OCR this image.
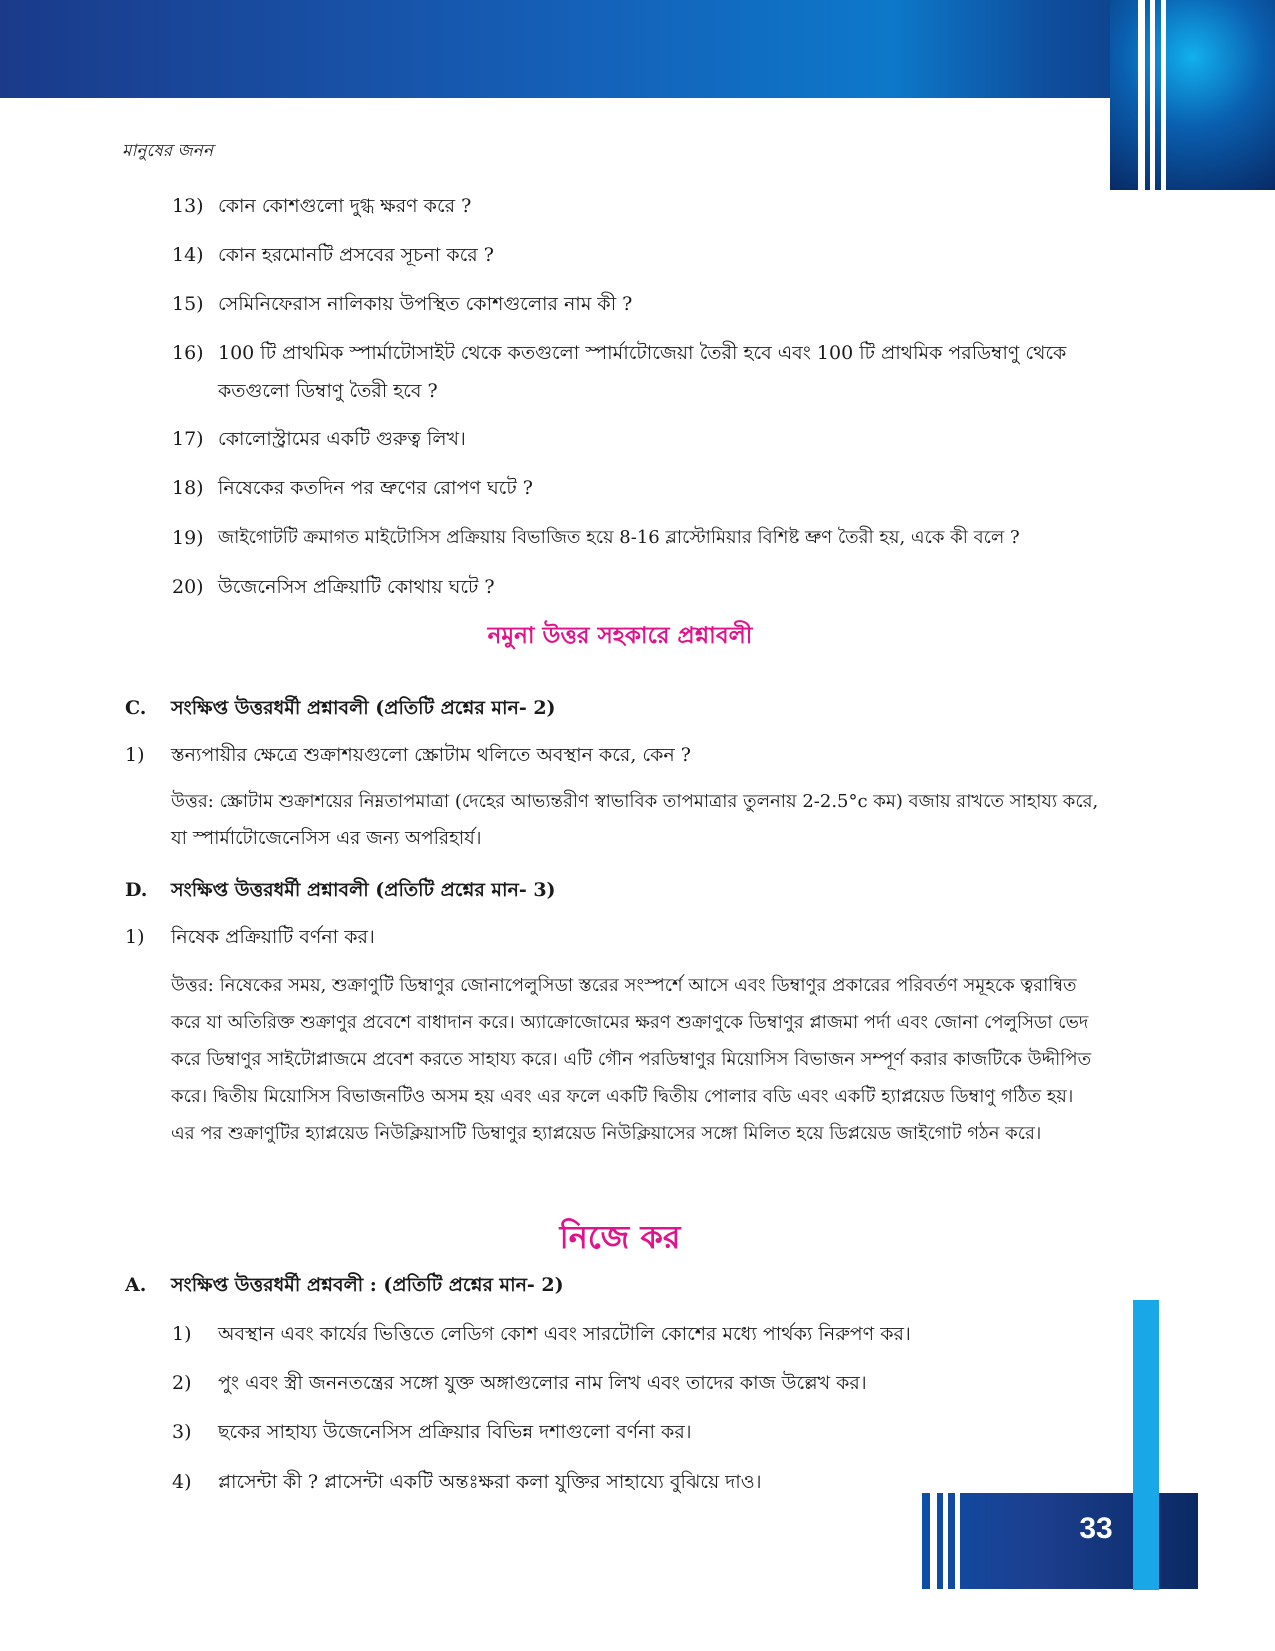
মানুষের জনন
13) কোন কোশগুলো দুগ্ধ ক্ষরণ করে ?
14) কোন হরমোনটি প্রসবের সূচনা করে ?
15) সেমিনিফেরাস নালিকায় উপস্থিত কোশগুলোর নাম কী ?
16) 100 টি প্রাথমিক স্পার্মাটোসাইট থেকে কতগুলো স্পার্মাটোজেয়া তৈরী হবে এবং 100 টি প্রাথমিক পরডিম্বাণু থেকে
কতগুলো ডিম্বাণু তৈরী হবে ?
17) কোলোস্ট্রামের একটি গুরুত্ব লিখ।
18) নিষেকের কতদিন পর ভ্রুণের রোপণ ঘটে ?
19) জাইগোটটি ক্রমাগত মাইটোসিস প্রক্রিয়ায় বিভাজিত হয়ে 8-16 ব্লাস্টোমিয়ার বিশিষ্ট ভ্রুণ তৈরী হয়, একে কী বলে ?
20) উজেনেসিস প্রক্রিয়াটি কোথায় ঘটে ?
নমুনা উত্তর সহকারে প্রশ্নাবলী
C. সংক্ষিপ্ত উত্তরধর্মী প্রশ্নাবলী (প্রতিটি প্রশ্নের মান- 2)
1)	স্তন্যপায়ীর ক্ষেত্রে শুক্রাশয়গুলো স্ক্রোটাম থলিতে অবস্থান করে, কেন ?
উত্তর: স্ক্রোটাম শুক্রাশয়ের নিম্নতাপমাত্রা (দেহের আভ্যন্তরীণ স্বাভাবিক তাপমাত্রার তুলনায় 2-2.5°c কম) বজায় রাখতে সাহায্য করে,
যা স্পার্মাটোজেনেসিস এর জন্য অপরিহার্য।
D. সংক্ষিপ্ত উত্তরধর্মী প্রশ্নাবলী (প্রতিটি প্রশ্নের মান- 3)
1)	নিষেক প্রক্রিয়াটি বর্ণনা কর।
উত্তর: নিষেকের সময়, শুক্রাণুটি ডিম্বাণুর জোনাপেলুসিডা স্তরের সংস্পর্শে আসে এবং ডিম্বাণুর প্রকারের পরিবর্তণ সমূহকে ত্বরান্বিত
করে যা অতিরিক্ত শুক্রাণুর প্রবেশে বাধাদান করে। অ্যাক্রোজোমের ক্ষরণ শুক্রাণুকে ডিম্বাণুর প্লাজমা পর্দা এবং জোনা পেলুসিডা ভেদ
করে ডিম্বাণুর সাইটোপ্লাজমে প্রবেশ করতে সাহায্য করে। এটি গৌন পরডিম্বাণুর মিয়োসিস বিভাজন সম্পূর্ণ করার কাজটিকে উদ্দীপিত
করে। দ্বিতীয় মিয়োসিস বিভাজনটিও অসম হয় এবং এর ফলে একটি দ্বিতীয় পোলার বডি এবং একটি হ্যাপ্লয়েড ডিম্বাণু গঠিত হয়।
এর পর শুক্রাণুটির হ্যাপ্লয়েড নিউক্লিয়াসটি ডিম্বাণুর হ্যাপ্লয়েড নিউক্লিয়াসের সঙ্গো মিলিত হয়ে ডিপ্লয়েড জাইগোট গঠন করে।
নিজে কর
A. সংক্ষিপ্ত উত্তরধর্মী প্রশ্নবলী : (প্রতিটি প্রশ্নের মান- 2)
1)	অবস্থান এবং কার্যের ভিত্তিতে লেডিগ কোশ এবং সারটোলি কোশের মধ্যে পার্থক্য নিরুপণ কর।
2)	পুং এবং স্ত্রী জননতন্ত্রের সঙ্গো যুক্ত অঙ্গাগুলোর নাম লিখ এবং তাদের কাজ উল্লেখ কর।
3)	ছকের সাহায্য উজেনেসিস প্রক্রিয়ার বিভিন্ন দশাগুলো বর্ণনা কর।
4)	প্লাসেন্টা কী ? প্লাসেন্টা একটি অন্তঃক্ষরা কলা যুক্তির সাহায্যে বুঝিয়ে দাও।
33
